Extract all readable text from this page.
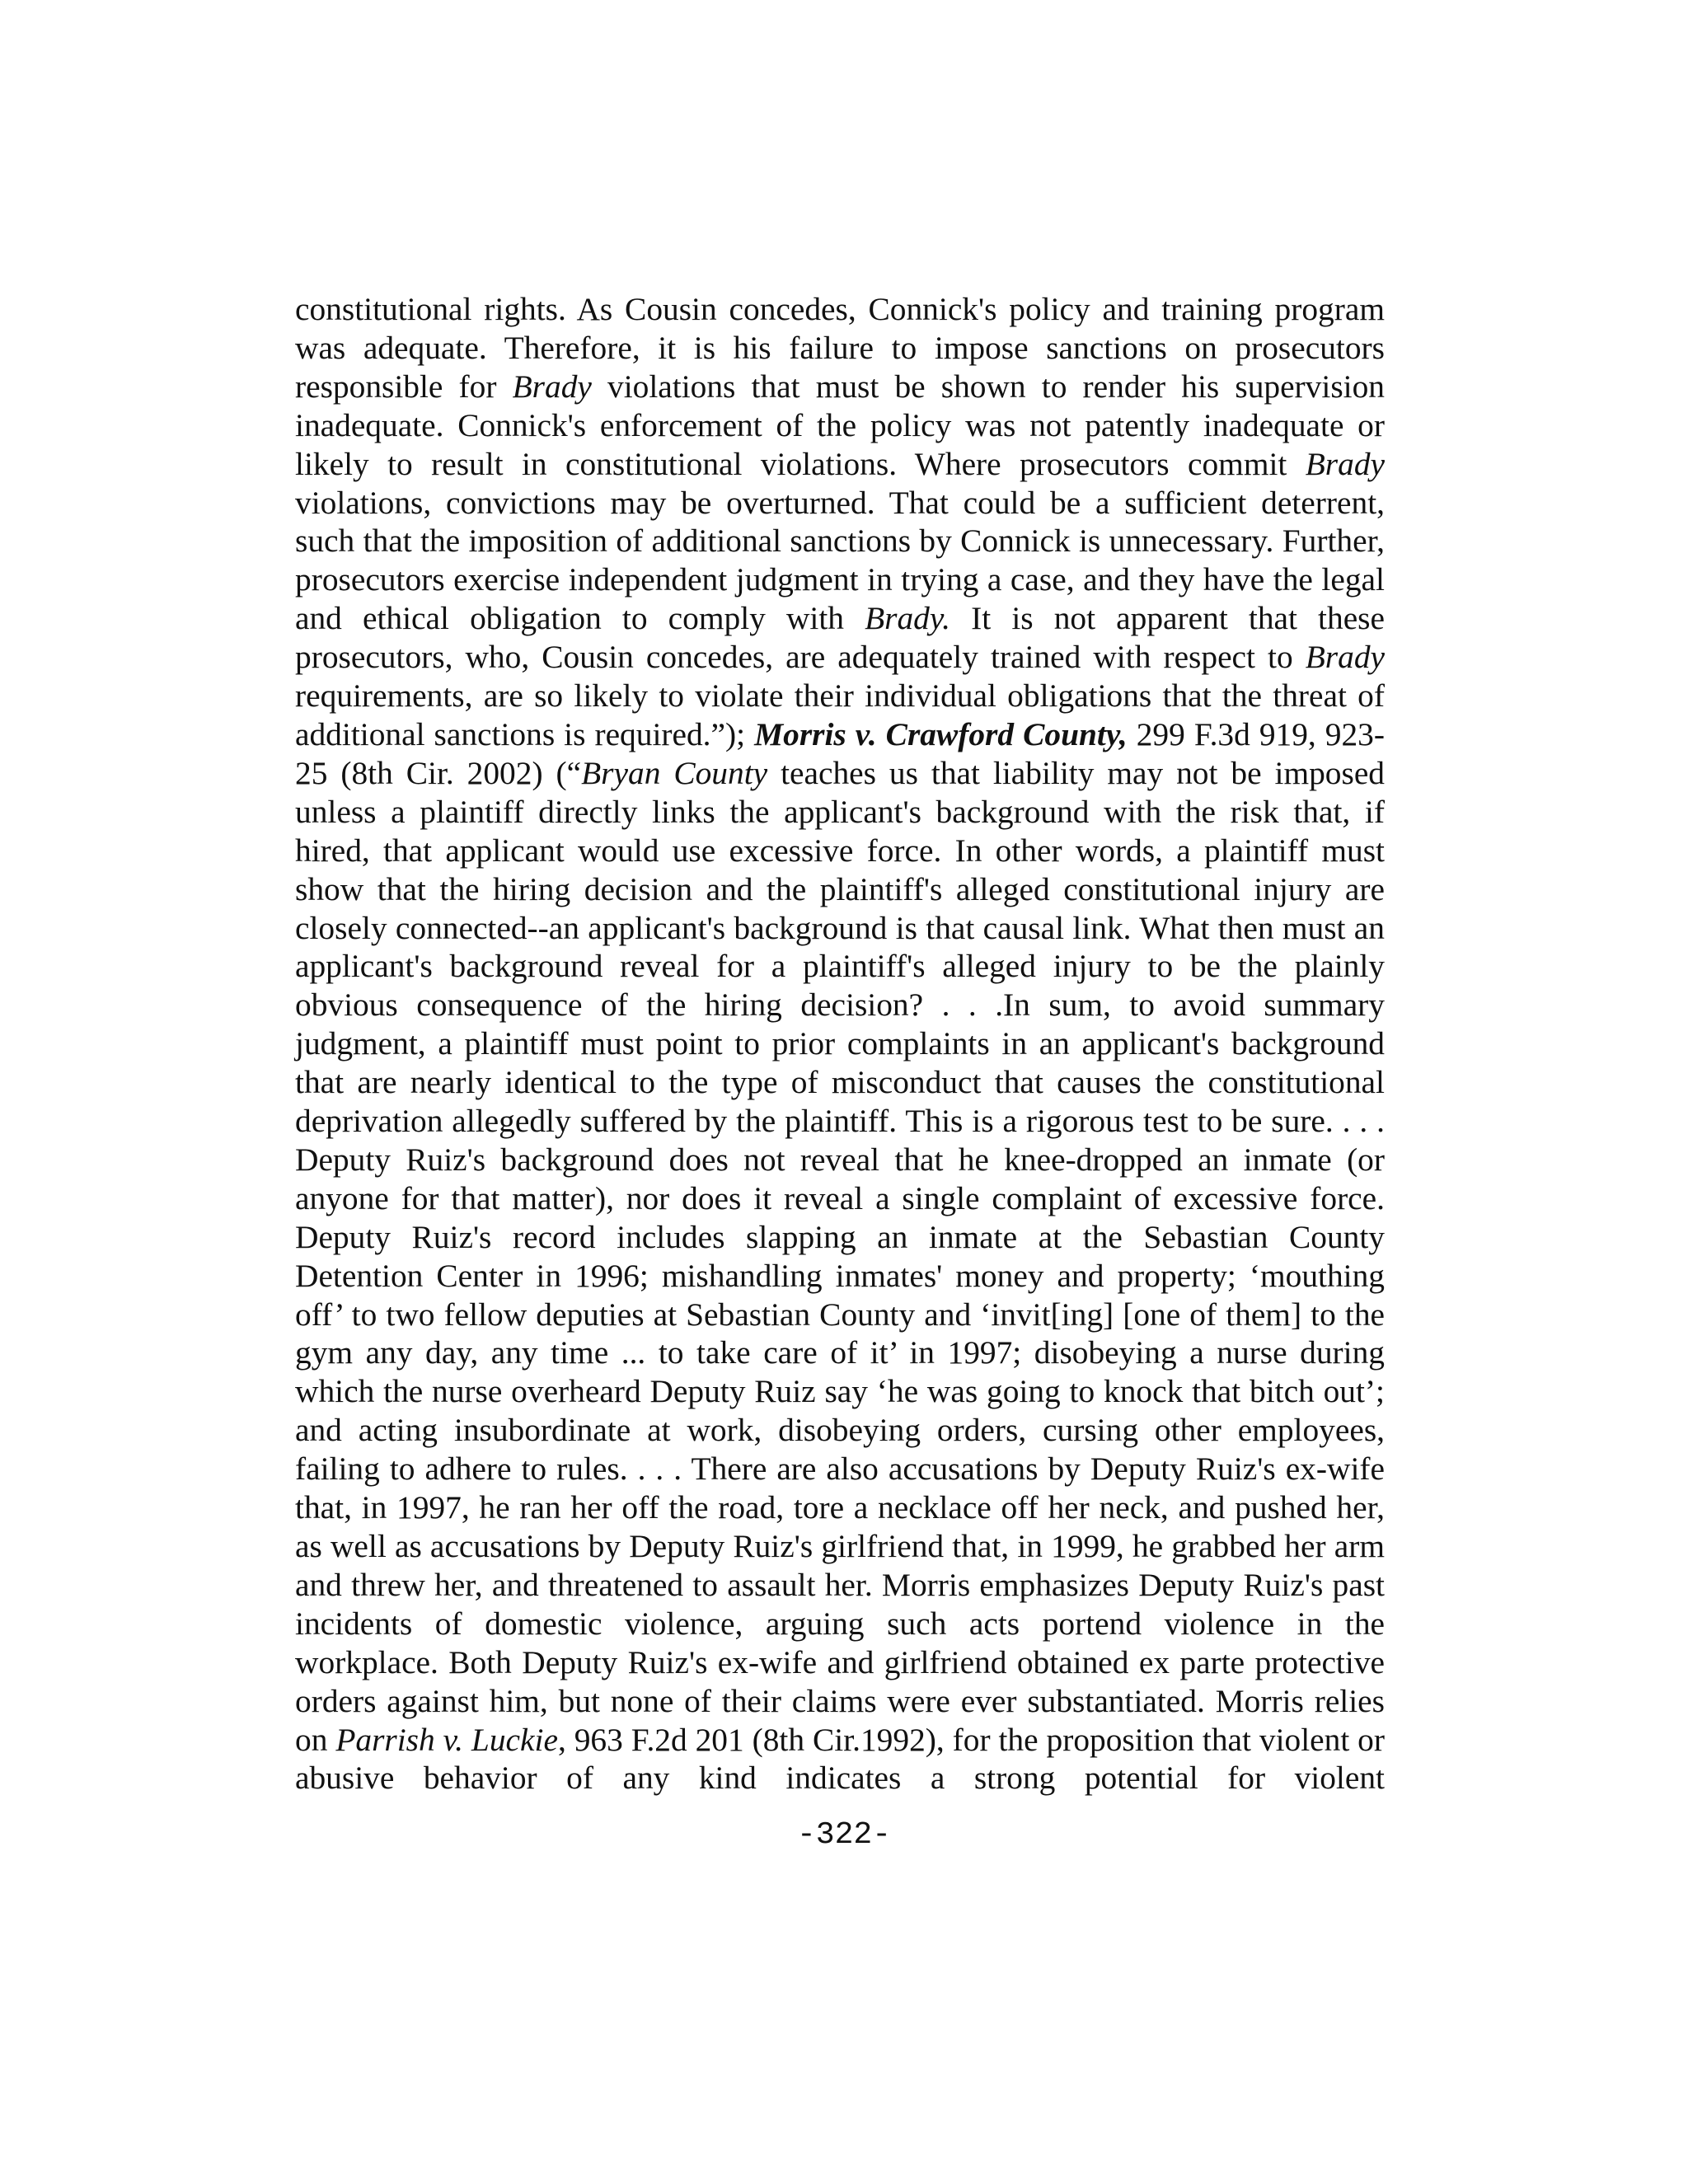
constitutional rights. As Cousin concedes, Connick's policy and training program was adequate. Therefore, it is his failure to impose sanctions on prosecutors responsible for Brady violations that must be shown to render his supervision inadequate. Connick's enforcement of the policy was not patently inadequate or likely to result in constitutional violations. Where prosecutors commit Brady violations, convictions may be overturned. That could be a sufficient deterrent, such that the imposition of additional sanctions by Connick is unnecessary. Further, prosecutors exercise independent judgment in trying a case, and they have the legal and ethical obligation to comply with Brady. It is not apparent that these prosecutors, who, Cousin concedes, are adequately trained with respect to Brady requirements, are so likely to violate their individual obligations that the threat of additional sanctions is required.”); Morris v. Crawford County, 299 F.3d 919, 923-25 (8th Cir. 2002) (“Bryan County teaches us that liability may not be imposed unless a plaintiff directly links the applicant's background with the risk that, if hired, that applicant would use excessive force. In other words, a plaintiff must show that the hiring decision and the plaintiff's alleged constitutional injury are closely connected--an applicant's background is that causal link. What then must an applicant's background reveal for a plaintiff's alleged injury to be the plainly obvious consequence of the hiring decision? . . .In sum, to avoid summary judgment, a plaintiff must point to prior complaints in an applicant's background that are nearly identical to the type of misconduct that causes the constitutional deprivation allegedly suffered by the plaintiff. This is a rigorous test to be sure. . . . Deputy Ruiz's background does not reveal that he knee-dropped an inmate (or anyone for that matter), nor does it reveal a single complaint of excessive force. Deputy Ruiz's record includes slapping an inmate at the Sebastian County Detention Center in 1996; mishandling inmates' money and property; ‘mouthing off’ to two fellow deputies at Sebastian County and ‘invit[ing] [one of them] to the gym any day, any time ... to take care of it’ in 1997; disobeying a nurse during which the nurse overheard Deputy Ruiz say ‘he was going to knock that bitch out’; and acting insubordinate at work, disobeying orders, cursing other employees, failing to adhere to rules. . . . There are also accusations by Deputy Ruiz's ex-wife that, in 1997, he ran her off the road, tore a necklace off her neck, and pushed her, as well as accusations by Deputy Ruiz's girlfriend that, in 1999, he grabbed her arm and threw her, and threatened to assault her. Morris emphasizes Deputy Ruiz's past incidents of domestic violence, arguing such acts portend violence in the workplace. Both Deputy Ruiz's ex-wife and girlfriend obtained ex parte protective orders against him, but none of their claims were ever substantiated. Morris relies on Parrish v. Luckie, 963 F.2d 201 (8th Cir.1992), for the proposition that violent or abusive behavior of any kind indicates a strong potential for violent

-322-
